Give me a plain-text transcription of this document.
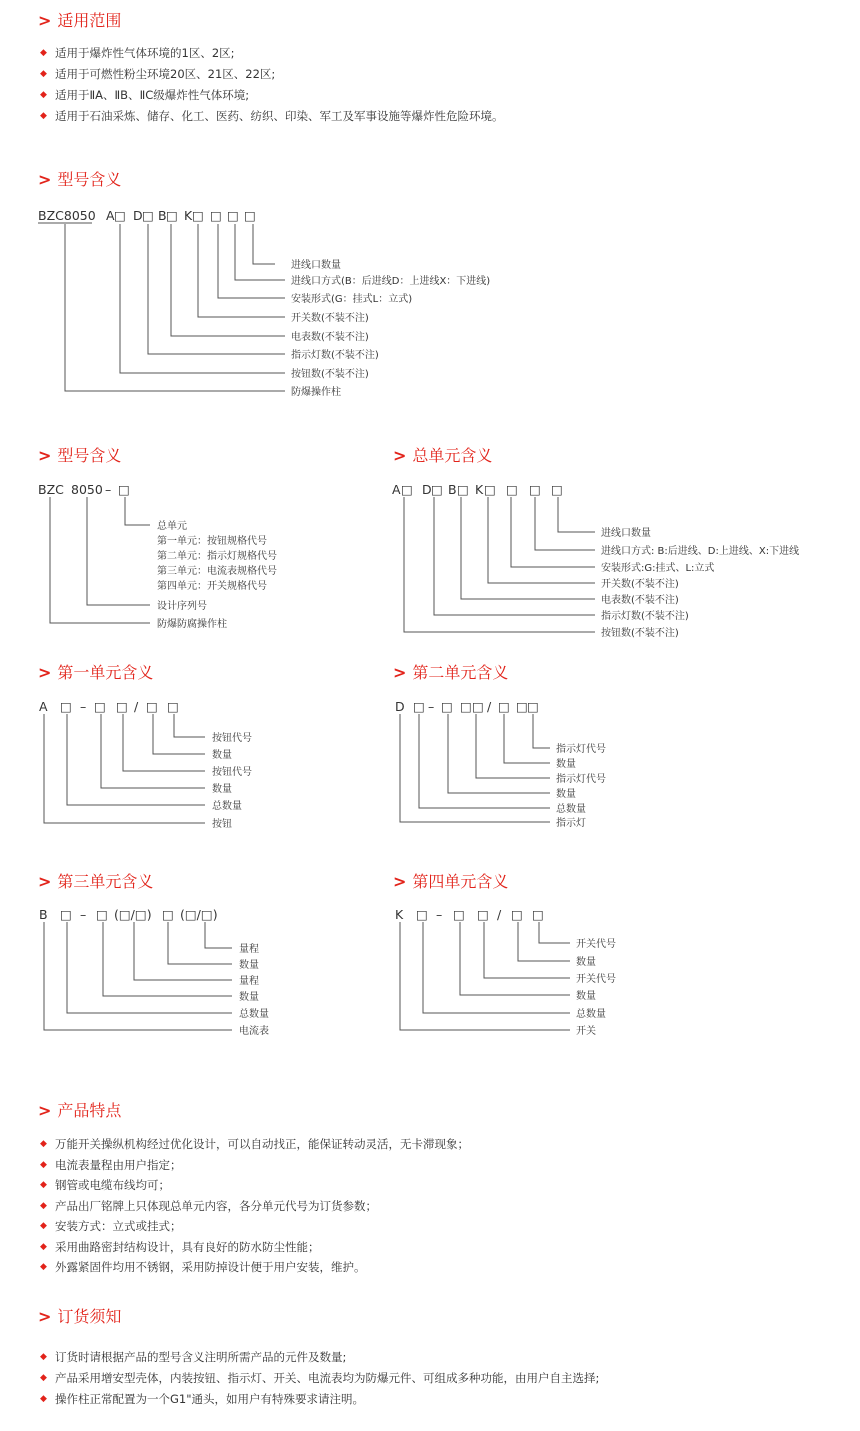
> 适用范围
◆ 适用于爆炸性气体环境的1区、2区;
◆ 适用于可燃性粉尘环境20区、21区、22区;
◆ 适用于ⅡA、ⅡB、ⅡC级爆炸性气体环境;
◆ 适用于石油采炼、储存、化工、医药、纺织、印染、军工及军事设施等爆炸性危险环境。
> 型号含义
BZC8050 A □ D □ B □ K □ □ □ □
进线口数量
进线口方式(B：后进线D：上进线X：下进线)
安装形式(G：挂式L：立式)
开关数(不装不注)
电表数(不装不注)
指示灯数(不装不注)
按钮数(不装不注)
防爆操作柱
> 型号含义
BZC 8050 – □
总单元
第一单元：按钮规格代号
第二单元：指示灯规格代号
第三单元：电流表规格代号
第四单元：开关规格代号
设计序列号
防爆防腐操作柱
> 总单元含义
A □ D □ B □ K □ □ □ □
进线口数量
进线口方式: B:后进线、D:上进线、X:下进线
安装形式:G:挂式、L:立式
开关数(不装不注)
电表数(不装不注)
指示灯数(不装不注)
按钮数(不装不注)
> 第一单元含义
A □ – □ □ / □ □
按钮代号
数量
按钮代号
数量
总数量
按钮
> 第二单元含义
D □ – □ □ □ / □ □ □
指示灯代号
数量
指示灯代号
数量
总数量
指示灯
> 第三单元含义
B □ – □ (□/□) □ (□/□)
量程
数量
量程
数量
总数量
电流表
> 第四单元含义
K □ – □ □ / □ □
开关代号
数量
开关代号
数量
总数量
开关
> 产品特点
◆ 万能开关操纵机构经过优化设计，可以自动找正，能保证转动灵活，无卡滞现象；
◆ 电流表量程由用户指定；
◆ 钢管或电缆布线均可；
◆ 产品出厂铭牌上只体现总单元内容，各分单元代号为订货参数；
◆ 安装方式：立式或挂式；
◆ 采用曲路密封结构设计，具有良好的防水防尘性能；
◆ 外露紧固件均用不锈钢，采用防掉设计便于用户安装，维护。
> 订货须知
◆ 订货时请根据产品的型号含义注明所需产品的元件及数量;
◆ 产品采用增安型壳体，内装按钮、指示灯、开关、电流表均为防爆元件、可组成多种功能，由用户自主选择;
◆ 操作柱正常配置为一个G1"通头，如用户有特殊要求请注明。
